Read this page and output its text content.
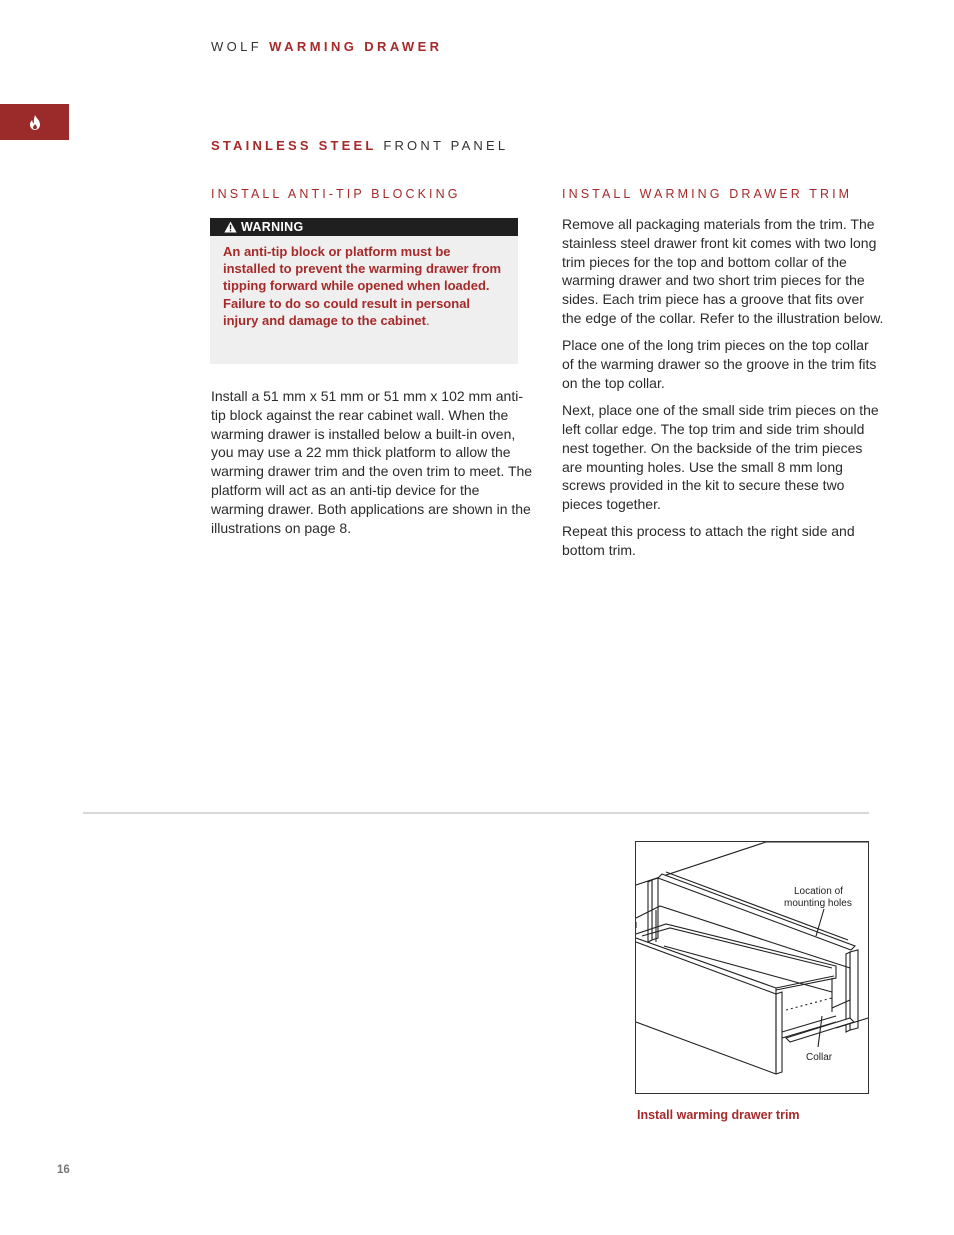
WOLF WARMING DRAWER
STAINLESS STEEL FRONT PANEL
INSTALL ANTI-TIP BLOCKING
WARNING
An anti-tip block or platform must be installed to prevent the warming drawer from tipping forward while opened when loaded. Failure to do so could result in personal injury and damage to the cabinet.

Install a 51 mm x 51 mm or 51 mm x 102 mm anti-tip block against the rear cabinet wall. When the warming drawer is installed below a built-in oven, you may use a 22 mm thick platform to allow the warming drawer trim and the oven trim to meet. The platform will act as an anti-tip device for the warming drawer. Both applications are shown in the illustrations on page 8.

INSTALL WARMING DRAWER TRIM

Remove all packaging materials from the trim. The stainless steel drawer front kit comes with two long trim pieces for the top and bottom collar of the warming drawer and two short trim pieces for the sides. Each trim piece has a groove that fits over the edge of the collar. Refer to the illustration below.

Place one of the long trim pieces on the top collar of the warming drawer so the groove in the trim fits on the top collar.

Next, place one of the small side trim pieces on the left collar edge. The top trim and side trim should nest together. On the backside of the trim pieces are mounting holes. Use the small 8 mm long screws provided in the kit to secure these two pieces together.

Repeat this process to attach the right side and bottom trim.

Location of
mounting holes
Collar
Install warming drawer trim
16
